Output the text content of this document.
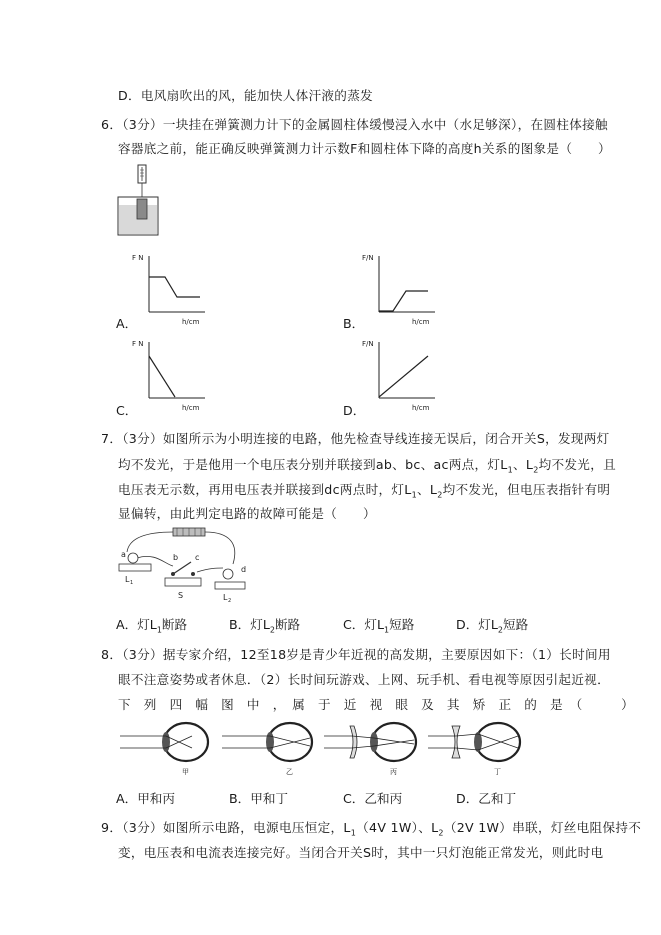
D．电风扇吹出的风，能加快人体汗液的蒸发
6．（3分）一块挂在弹簧测力计下的金属圆柱体缓慢浸入水中（水足够深），在圆柱体接触
容器底之前，能正确反映弹簧测力计示数F和圆柱体下降的高度h关系的图象是（　　）
F N
h/cm
A．
F/N
h/cm
B．
F N
h/cm
C．
F/N
h/cm
D．
7．（3分）如图所示为小明连接的电路，他先检查导线连接无误后，闭合开关S，发现两灯
均不发光，于是他用一个电压表分别并联接到ab、bc、ac两点，灯$L_1$、$L_2$均不发光，且
电压表无示数，再用电压表并联接到dc两点时，灯$L_1$、$L_2$均不发光，但电压表指针有明
显偏转，由此判定电路的故障可能是（　　）
a
L 1
b c
S
d
L 2
A．灯$L_1$断路	B．灯$L_2$断路	C．灯$L_1$短路	D．灯$L_2$短路
8．（3分）据专家介绍，12至18岁是青少年近视的高发期，主要原因如下：（1）长时间用
眼不注意姿势或者休息．（2）长时间玩游戏、上网、玩手机、看电视等原因引起近视．
下　列　四　幅　图　中　，　属　于　近　视　眼　及　其　矫　正　的　是　（　　　）
甲	乙	丙	丁
A．甲和丙	B．甲和丁	C．乙和丙	D．乙和丁
9．（3分）如图所示电路，电源电压恒定，$L_1(4V$ 1W）、$L_2(2V$ 1W）串联，灯丝电阻保持不
变，电压表和电流表连接完好。当闭合开关S时，其中一只灯泡能正常发光，则此时电
